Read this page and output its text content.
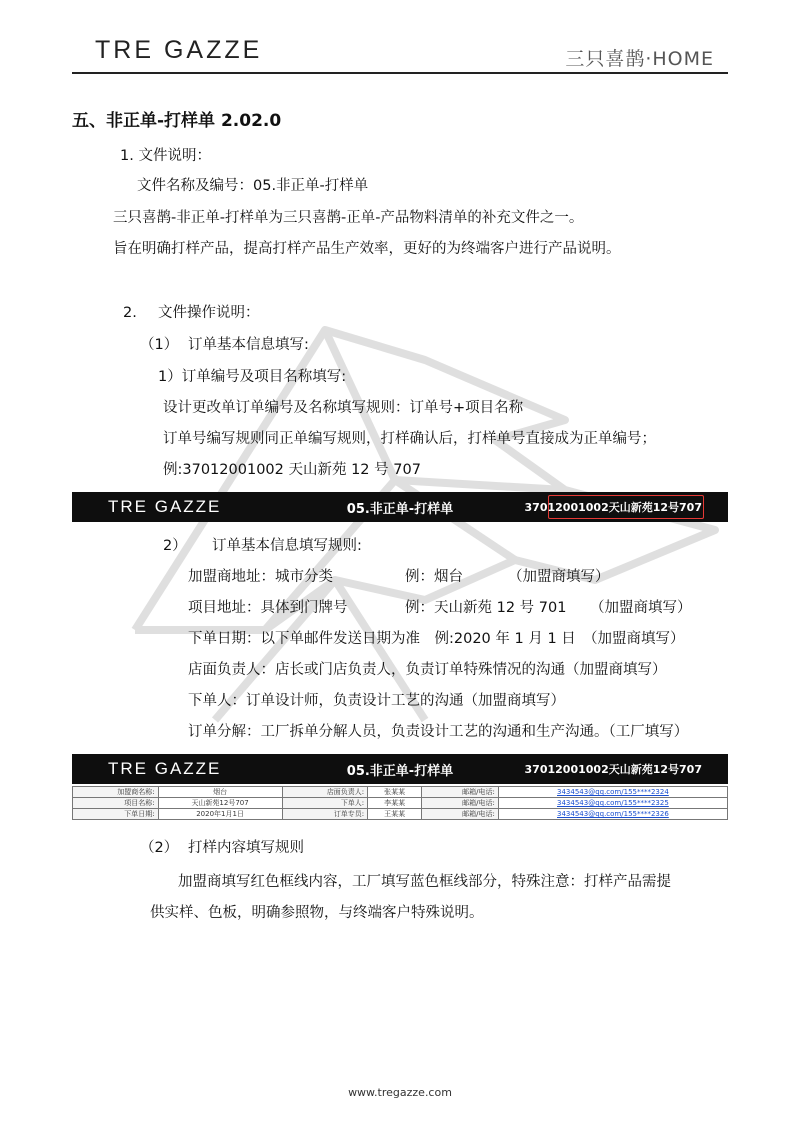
TRE GAZZE	三只喜鹊·HOME
五、非正单-打样单 2.02.0
1. 文件说明：
文件名称及编号：05.非正单-打样单
三只喜鹊-非正单-打样单为三只喜鹊-正单-产品物料清单的补充文件之一。
旨在明确打样产品，提高打样产品生产效率，更好的为终端客户进行产品说明。
2. 文件操作说明：
（1） 订单基本信息填写:
1）订单编号及项目名称填写:
设计更改单订单编号及名称填写规则：订单号+项目名称
订单号编写规则同正单编写规则，打样确认后，打样单号直接成为正单编号；
例:37012001002 天山新苑 12 号 707
TRE GAZZE	05.非正单-打样单	37012001002天山新苑12号707
2） 订单基本信息填写规则:
加盟商地址：城市分类	例：烟台	（加盟商填写）
项目地址：具体到门牌号	例：天山新苑 12 号 701 （加盟商填写）
下单日期：以下单邮件发送日期为准　例:2020 年 1 月 1 日　（加盟商填写）
店面负责人：店长或门店负责人，负责订单特殊情况的沟通（加盟商填写）
下单人：订单设计师，负责设计工艺的沟通（加盟商填写）
订单分解：工厂拆单分解人员，负责设计工艺的沟通和生产沟通。（工厂填写）
TRE GAZZE	05.非正单-打样单	37012001002天山新苑12号707
加盟商名称:	烟台	店面负责人:	张某某	邮箱/电话:	3434543@qq.com/155****2324
项目名称:	天山新苑12号707	下单人:	李某某	邮箱/电话:	3434543@qq.com/155****2325
下单日期:	2020年1月1日	订单专员:	王某某	邮箱/电话:	3434543@qq.com/155****2326
（2） 打样内容填写规则
加盟商填写红色框线内容，工厂填写蓝色框线部分，特殊注意：打样产品需提
供实样、色板，明确参照物，与终端客户特殊说明。
www.tregazze.com
